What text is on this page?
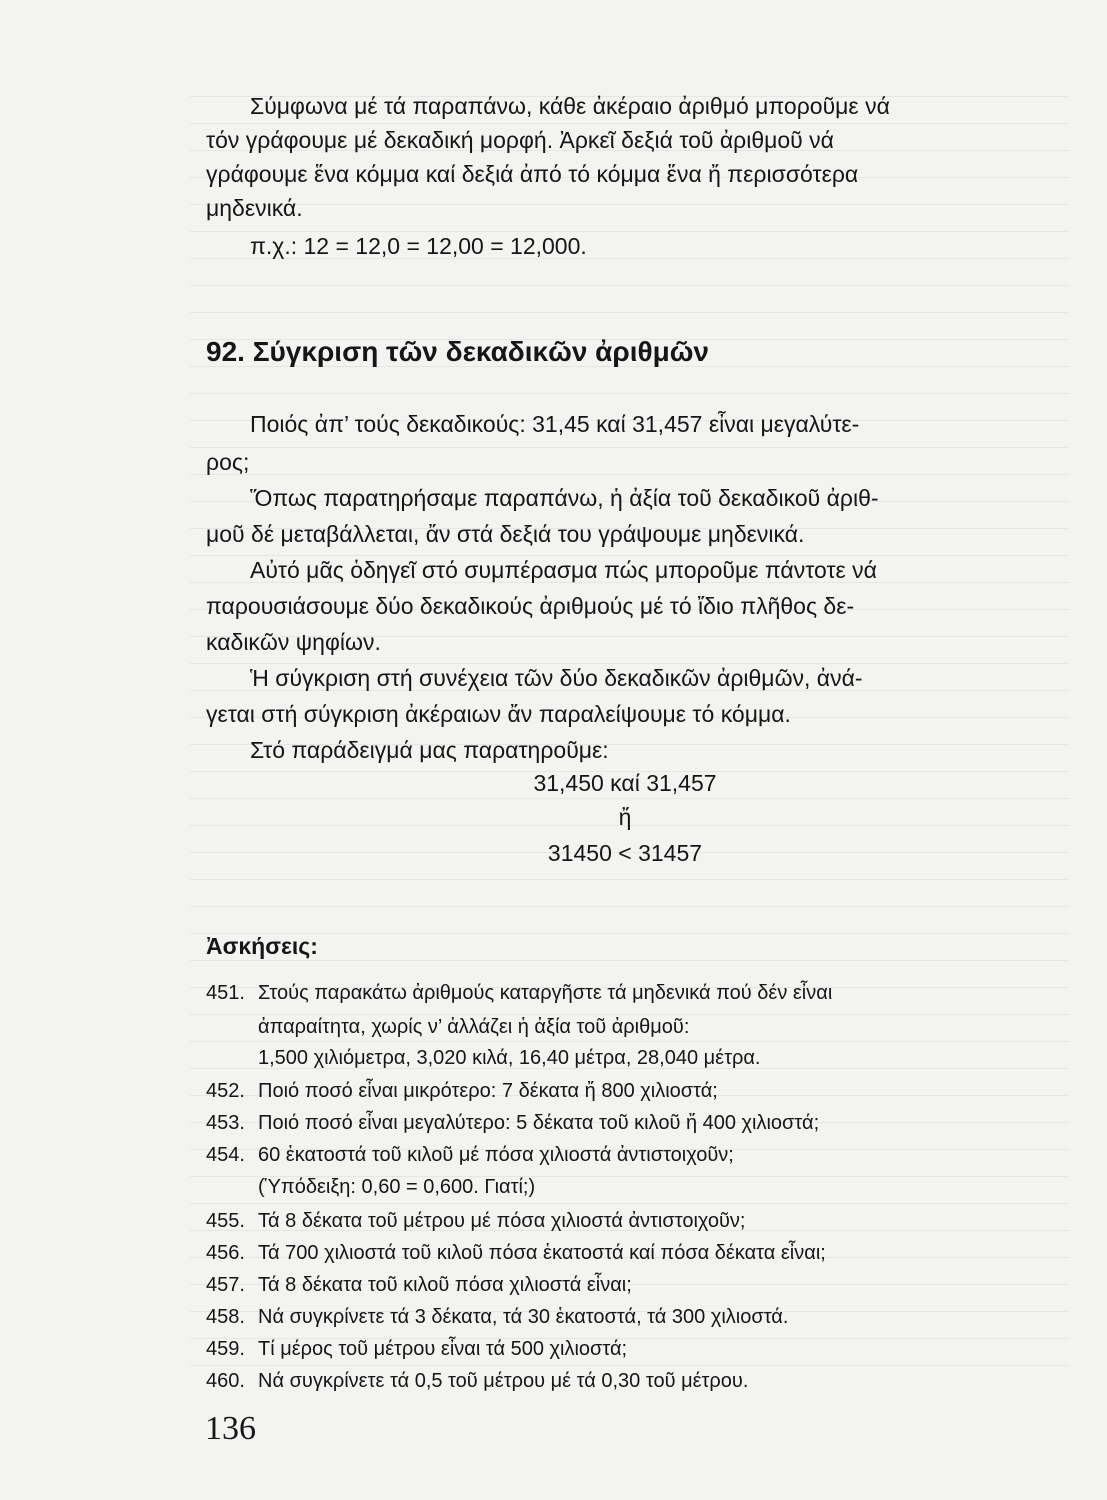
Σύμφωνα μέ τά παραπάνω, κάθε ἀκέραιο ἀριθμό μποροῦμε νά
τόν γράφουμε μέ δεκαδική μορφή. Ἀρκεῖ δεξιά τοῦ ἀριθμοῦ νά
γράφουμε ἕνα κόμμα καί δεξιά ἀπό τό κόμμα ἕνα ἤ περισσότερα
μηδενικά.
π.χ.: 12 = 12,0 = 12,00 = 12,000.
92. Σύγκριση τῶν δεκαδικῶν ἀριθμῶν
Ποιός ἀπ’ τούς δεκαδικούς: 31,45 καί 31,457 εἶναι μεγαλύτε-
ρος;
Ὅπως παρατηρήσαμε παραπάνω, ἡ ἀξία τοῦ δεκαδικοῦ ἀριθ-
μοῦ δέ μεταβάλλεται, ἄν στά δεξιά του γράψουμε μηδενικά.
Αὐτό μᾶς ὁδηγεῖ στό συμπέρασμα πώς μποροῦμε πάντοτε νά
παρουσιάσουμε δύο δεκαδικούς ἀριθμούς μέ τό ἴδιο πλῆθος δε-
καδικῶν ψηφίων.
Ἡ σύγκριση στή συνέχεια τῶν δύο δεκαδικῶν ἀριθμῶν, ἀνά-
γεται στή σύγκριση ἀκέραιων ἄν παραλείψουμε τό κόμμα.
Στό παράδειγμά μας παρατηροῦμε:
31,450 καί 31,457
ἤ
31450 < 31457
Ἀσκήσεις:
451. Στούς παρακάτω ἀριθμούς καταργῆστε τά μηδενικά πού δέν εἶναι
ἀπαραίτητα, χωρίς ν’ ἀλλάζει ἡ ἀξία τοῦ ἀριθμοῦ:
1,500 χιλιόμετρα, 3,020 κιλά, 16,40 μέτρα, 28,040 μέτρα.
452. Ποιό ποσό εἶναι μικρότερο: 7 δέκατα ἤ 800 χιλιοστά;
453. Ποιό ποσό εἶναι μεγαλύτερο: 5 δέκατα τοῦ κιλοῦ ἤ 400 χιλιοστά;
454. 60 ἑκατοστά τοῦ κιλοῦ μέ πόσα χιλιοστά ἀντιστοιχοῦν;
(Ὑπόδειξη: 0,60 = 0,600. Γιατί;)
455. Τά 8 δέκατα τοῦ μέτρου μέ πόσα χιλιοστά ἀντιστοιχοῦν;
456. Τά 700 χιλιοστά τοῦ κιλοῦ πόσα ἑκατοστά καί πόσα δέκατα εἶναι;
457. Τά 8 δέκατα τοῦ κιλοῦ πόσα χιλιοστά εἶναι;
458. Νά συγκρίνετε τά 3 δέκατα, τά 30 ἑκατοστά, τά 300 χιλιοστά.
459. Τί μέρος τοῦ μέτρου εἶναι τά 500 χιλιοστά;
460. Νά συγκρίνετε τά 0,5 τοῦ μέτρου μέ τά 0,30 τοῦ μέτρου.
136
